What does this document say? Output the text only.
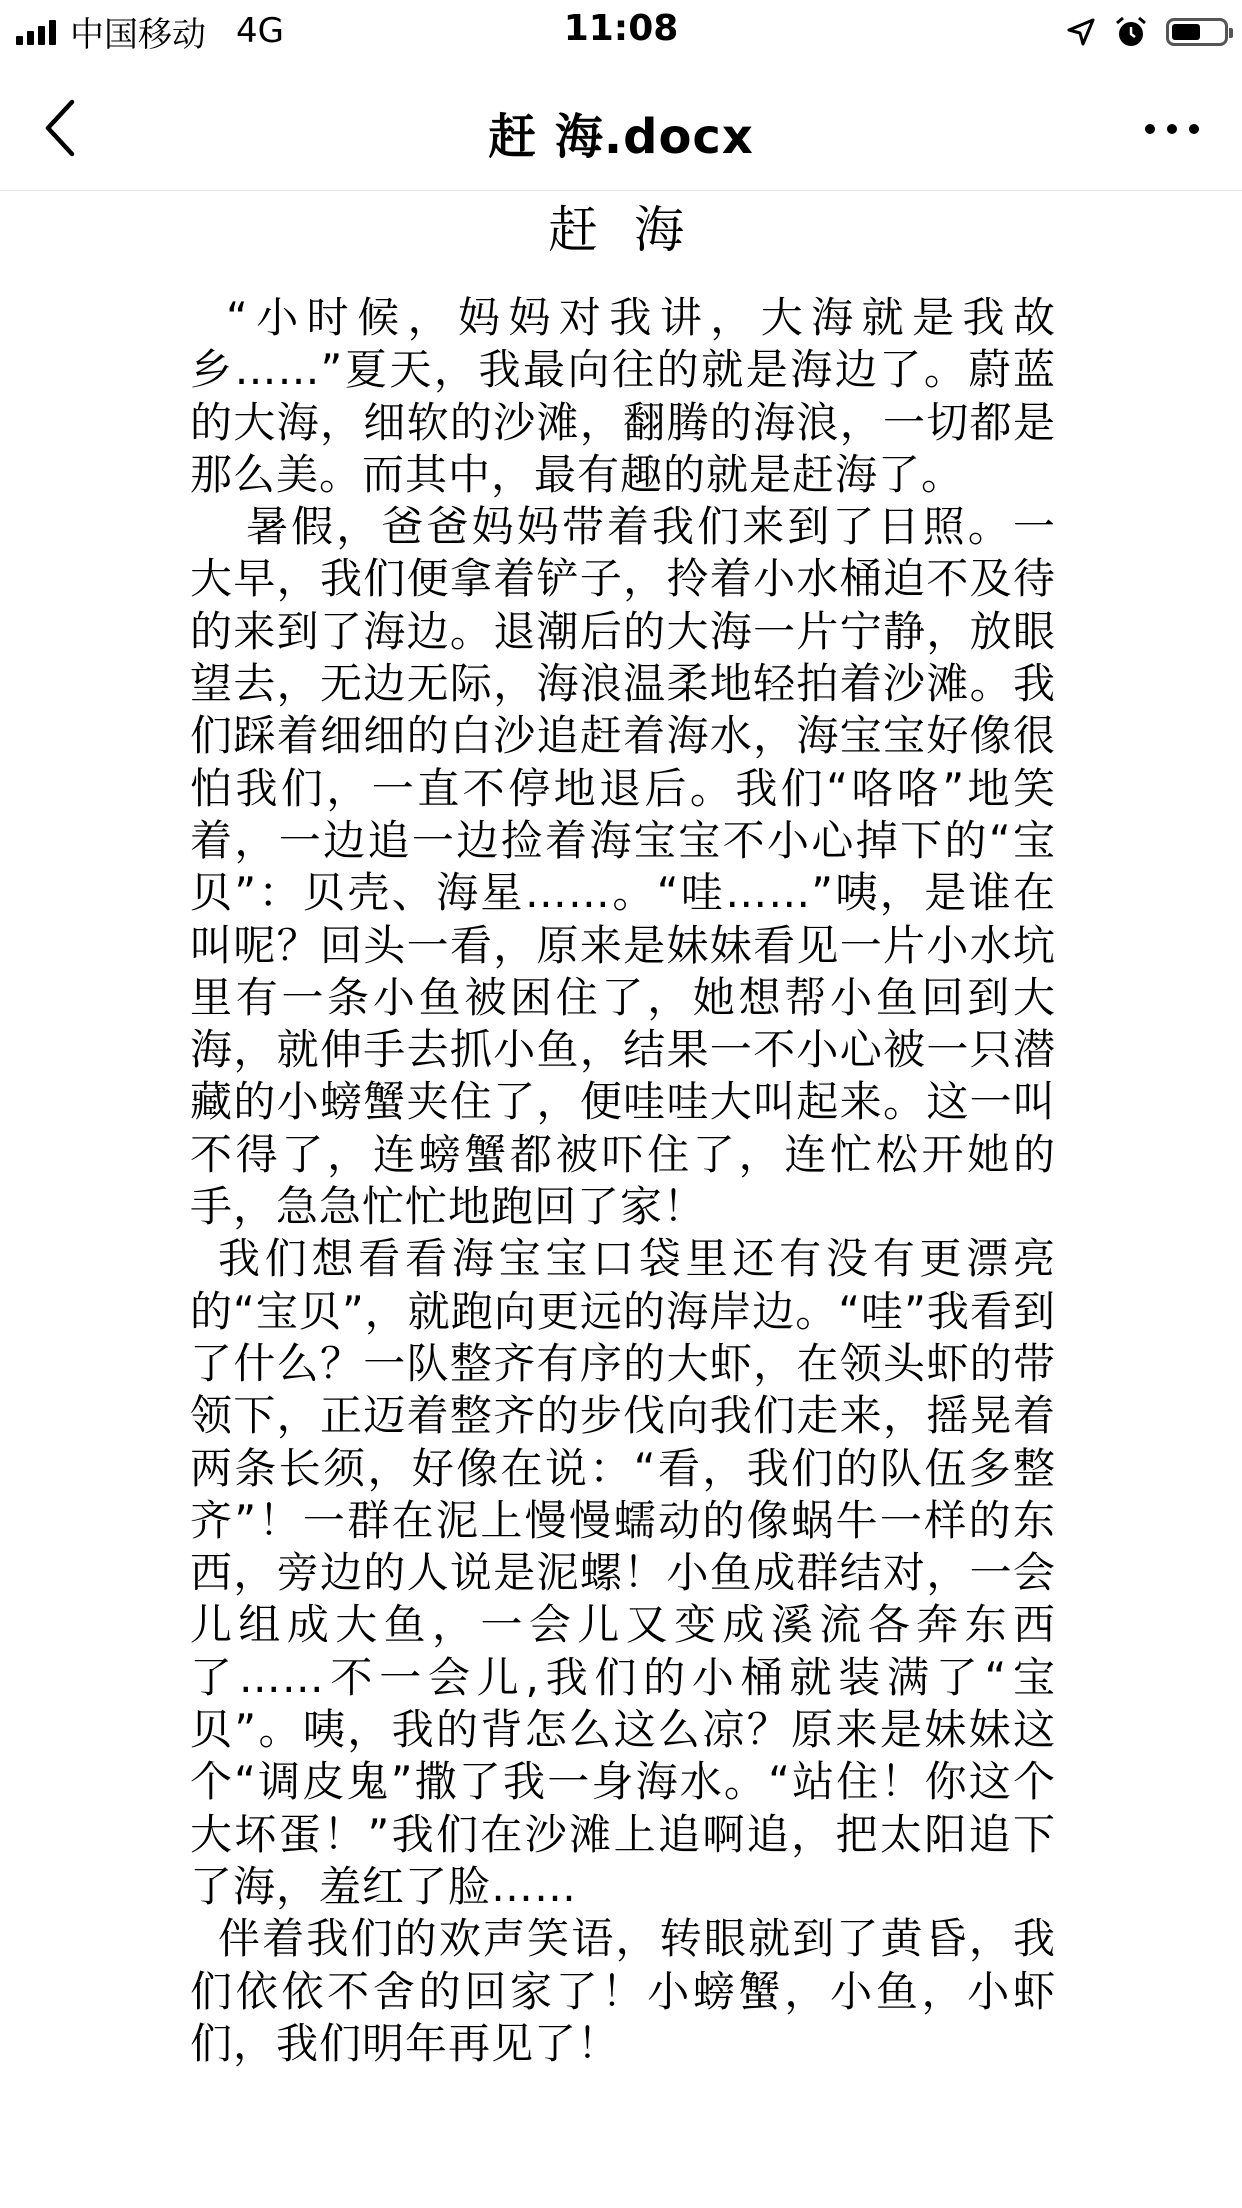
中国移动 4G	11:08
赶 海.docx
赶 海

“小时候，妈妈对我讲，大海就是我故乡……”夏天，我最向往的就是海边了。蔚蓝的大海，细软的沙滩，翻腾的海浪，一切都是那么美。而其中，最有趣的就是赶海了。

暑假，爸爸妈妈带着我们来到了日照。一大早，我们便拿着铲子，拎着小水桶迫不及待的来到了海边。退潮后的大海一片宁静，放眼望去，无边无际，海浪温柔地轻拍着沙滩。我们踩着细细的白沙追赶着海水，海宝宝好像很怕我们，一直不停地退后。我们“咯咯”地笑着，一边追一边捡着海宝宝不小心掉下的“宝贝”：贝壳、海星……。“哇……”咦，是谁在叫呢？回头一看，原来是妹妹看见一片小水坑里有一条小鱼被困住了，她想帮小鱼回到大海，就伸手去抓小鱼，结果一不小心被一只潜藏的小螃蟹夹住了，便哇哇大叫起来。这一叫不得了，连螃蟹都被吓住了，连忙松开她的手，急急忙忙地跑回了家！

我们想看看海宝宝口袋里还有没有更漂亮的“宝贝”，就跑向更远的海岸边。“哇”我看到了什么？一队整齐有序的大虾，在领头虾的带领下，正迈着整齐的步伐向我们走来，摇晃着两条长须，好像在说：“看，我们的队伍多整齐”！一群在泥上慢慢蠕动的像蜗牛一样的东西，旁边的人说是泥螺！小鱼成群结对，一会儿组成大鱼，一会儿又变成溪流各奔东西了……不一会儿,我们的小桶就装满了“宝贝”。咦，我的背怎么这么凉？原来是妹妹这个“调皮鬼”撒了我一身海水。“站住！你这个大坏蛋！”我们在沙滩上追啊追，把太阳追下了海，羞红了脸……

伴着我们的欢声笑语，转眼就到了黄昏，我们依依不舍的回家了！小螃蟹，小鱼，小虾们，我们明年再见了！
